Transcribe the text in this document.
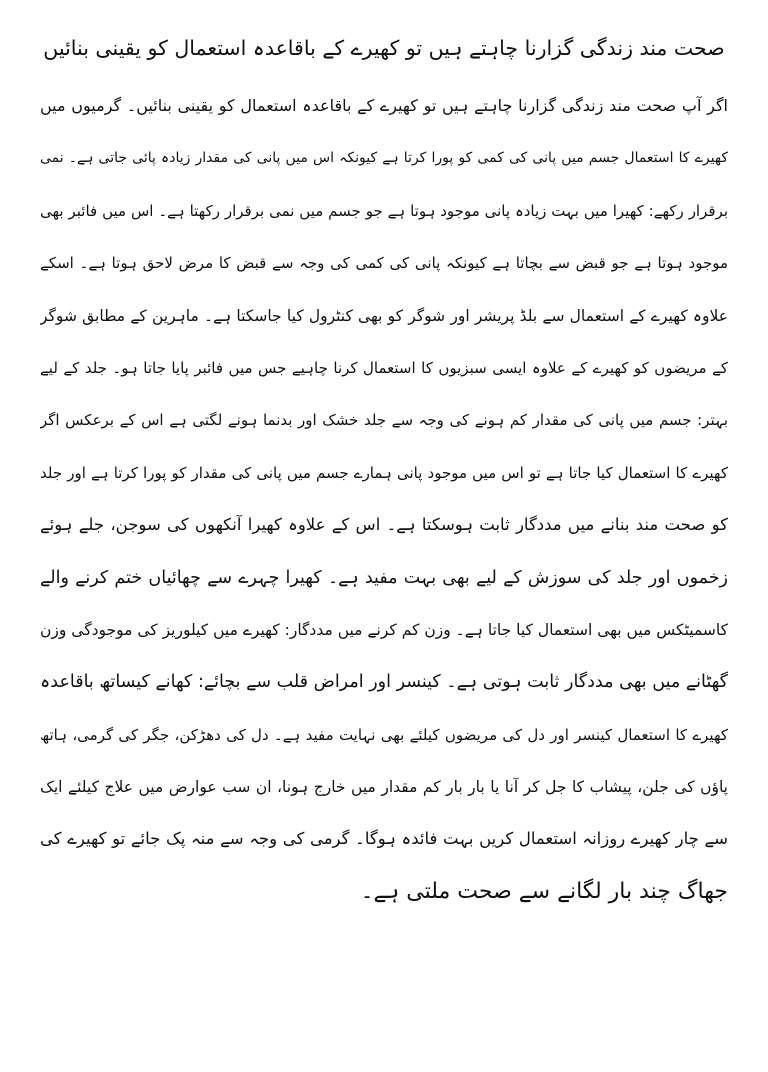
صحت مند زندگی گزارنا چاہتے ہیں تو کھیرے کے باقاعدہ استعمال کو یقینی بنائیں
اگر آپ صحت مند زندگی گزارنا چاہتے ہیں تو کھیرے کے باقاعدہ استعمال کو یقینی بنائیں۔ گرمیوں میں
کھیرے کا استعمال جسم میں پانی کی کمی کو پورا کرتا ہے کیونکہ اس میں پانی کی مقدار زیادہ پائی جاتی ہے۔ نمی
برقرار رکھے: کھیرا میں بہت زیادہ پانی موجود ہوتا ہے جو جسم میں نمی برقرار رکھتا ہے۔ اس میں فائبر بھی
موجود ہوتا ہے جو قبض سے بچاتا ہے کیونکہ پانی کی کمی کی وجہ سے قبض کا مرض لاحق ہوتا ہے۔ اسکے
علاوہ کھیرے کے استعمال سے بلڈ پریشر اور شوگر کو بھی کنٹرول کیا جاسکتا ہے۔ ماہرین کے مطابق شوگر
کے مریضوں کو کھیرے کے علاوہ ایسی سبزیوں کا استعمال کرنا چاہیے جس میں فائبر پایا جاتا ہو۔ جلد کے لیے
بہتر: جسم میں پانی کی مقدار کم ہونے کی وجہ سے جلد خشک اور بدنما ہونے لگتی ہے اس کے برعکس اگر
کھیرے کا استعمال کیا جاتا ہے تو اس میں موجود پانی ہمارے جسم میں پانی کی مقدار کو پورا کرتا ہے اور جلد
کو صحت مند بنانے میں مددگار ثابت ہوسکتا ہے۔ اس کے علاوہ کھیرا آنکھوں کی سوجن، جلے ہوئے
زخموں اور جلد کی سوزش کے لیے بھی بہت مفید ہے۔ کھیرا چہرے سے چھائیاں ختم کرنے والے
کاسمیٹکس میں بھی استعمال کیا جاتا ہے۔ وزن کم کرنے میں مددگار: کھیرے میں کیلوریز کی موجودگی وزن
گھٹانے میں بھی مددگار ثابت ہوتی ہے۔ کینسر اور امراض قلب سے بچائے: کھانے کیساتھ باقاعدہ
کھیرے کا استعمال کینسر اور دل کی مریضوں کیلئے بھی نہایت مفید ہے۔ دل کی دھڑکن، جگر کی گرمی، ہاتھ
پاؤں کی جلن، پیشاب کا جل کر آنا یا بار بار کم مقدار میں خارج ہونا، ان سب عوارض میں علاج کیلئے ایک
سے چار کھیرے روزانہ استعمال کریں بہت فائدہ ہوگا۔ گرمی کی وجہ سے منہ پک جائے تو کھیرے کی
جھاگ چند بار لگانے سے صحت ملتی ہے۔
